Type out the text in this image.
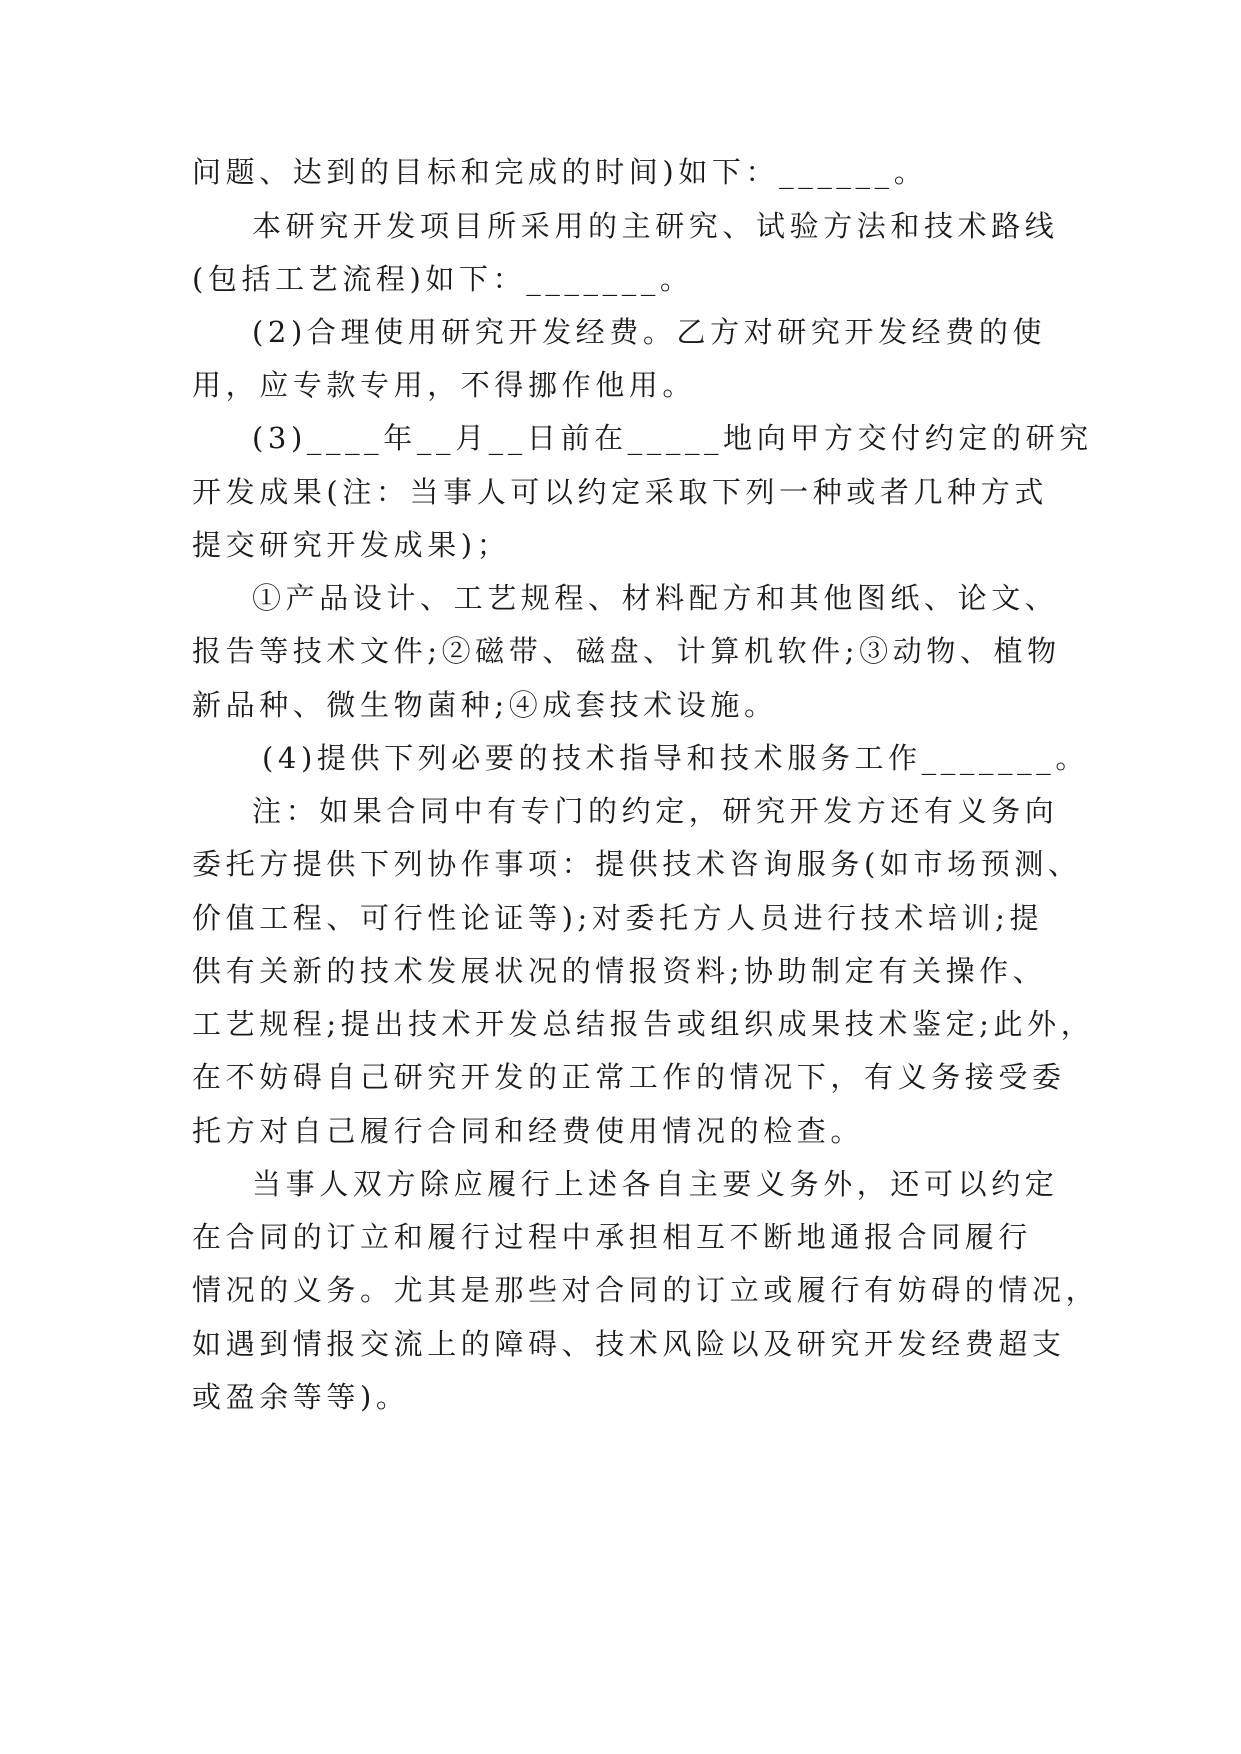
问题、达到的目标和完成的时间)如下：______。
本研究开发项目所采用的主研究、试验方法和技术路线
(包括工艺流程)如下：_______。
(2)合理使用研究开发经费。乙方对研究开发经费的使
用，应专款专用，不得挪作他用。
(3)____年__月__日前在_____地向甲方交付约定的研究
开发成果(注：当事人可以约定采取下列一种或者几种方式
提交研究开发成果)；
①产品设计、工艺规程、材料配方和其他图纸、论文、
报告等技术文件;②磁带、磁盘、计算机软件;③动物、植物
新品种、微生物菌种;④成套技术设施。
(4)提供下列必要的技术指导和技术服务工作_______。
注：如果合同中有专门的约定，研究开发方还有义务向
委托方提供下列协作事项：提供技术咨询服务(如市场预测、
价值工程、可行性论证等);对委托方人员进行技术培训;提
供有关新的技术发展状况的情报资料;协助制定有关操作、
工艺规程;提出技术开发总结报告或组织成果技术鉴定;此外，
在不妨碍自己研究开发的正常工作的情况下，有义务接受委
托方对自己履行合同和经费使用情况的检查。
当事人双方除应履行上述各自主要义务外，还可以约定
在合同的订立和履行过程中承担相互不断地通报合同履行
情况的义务。尤其是那些对合同的订立或履行有妨碍的情况，
如遇到情报交流上的障碍、技术风险以及研究开发经费超支
或盈余等等)。
